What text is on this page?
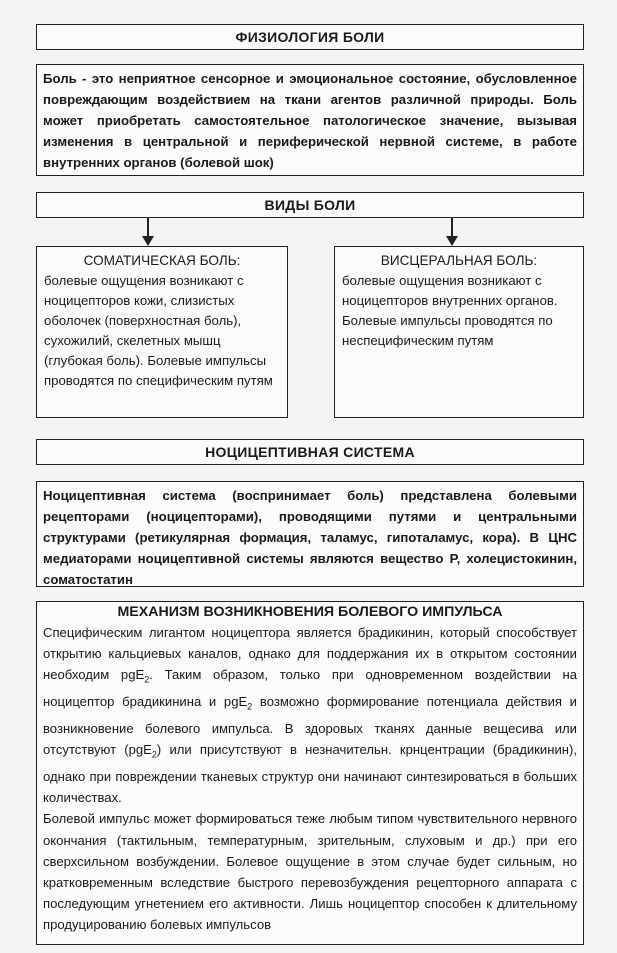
ФИЗИОЛОГИЯ БОЛИ
Боль - это неприятное сенсорное и эмоциональное состояние, обусловленное повреждающим воздействием на ткани агентов различной природы. Боль может приобретать самостоятельное патологическое значение, вызывая изменения в центральной и периферической нервной системе, в работе внутренних органов (болевой шок)
ВИДЫ БОЛИ
СОМАТИЧЕСКАЯ БОЛЬ:
болевые ощущения возникают с ноцицепторов кожи, слизистых оболочек (поверхностная боль), сухожилий, скелетных мышц (глубокая боль). Болевые импульсы проводятся по специфическим путям
ВИСЦЕРАЛЬНАЯ БОЛЬ:
болевые ощущения возникают с ноцицепторов внутренних органов. Болевые импульсы проводятся по неспецифическим путям
НОЦИЦЕПТИВНАЯ СИСТЕМА
Ноцицептивная система (воспринимает боль) представлена болевыми рецепторами (ноцицепторами), проводящими путями и центральными структурами (ретикулярная формация, таламус, гипоталамус, кора). В ЦНС медиаторами ноцицептивной системы являются вещество Р, холецистокинин, соматостатин
МЕХАНИЗМ ВОЗНИКНОВЕНИЯ БОЛЕВОГО ИМПУЛЬСА
Специфическим лигантом ноцицептора является брадикинин, который способствует открытию кальциевых каналов, однако для поддержания их в открытом состоянии необходим pgE$_2$. Таким образом, только при одновременном воздействии на ноцицептор брадикинина и pgE$_2$ возможно формирование потенциала действия и возникновение болевого импульса. В здоровых тканях данные вещесива или отсутствуют (pgE$_2$) или присутствуют в незначительн. крнцентрации (брадикинин), однако при повреждении тканевых структур они начинают синтезироваться в больших количествах.
Болевой импульс может формироваться теже любым типом чувствительного нервного окончания (тактильным, температурным, зрительным, слуховым и др.) при его сверхсильном возбуждении. Болевое ощущение в этом случае будет сильным, но кратковременным вследствие быстрого перевозбуждения рецепторного аппарата с последующим угнетением его активности. Лишь ноцицептор способен к длительному продуцированию болевых импульсов
